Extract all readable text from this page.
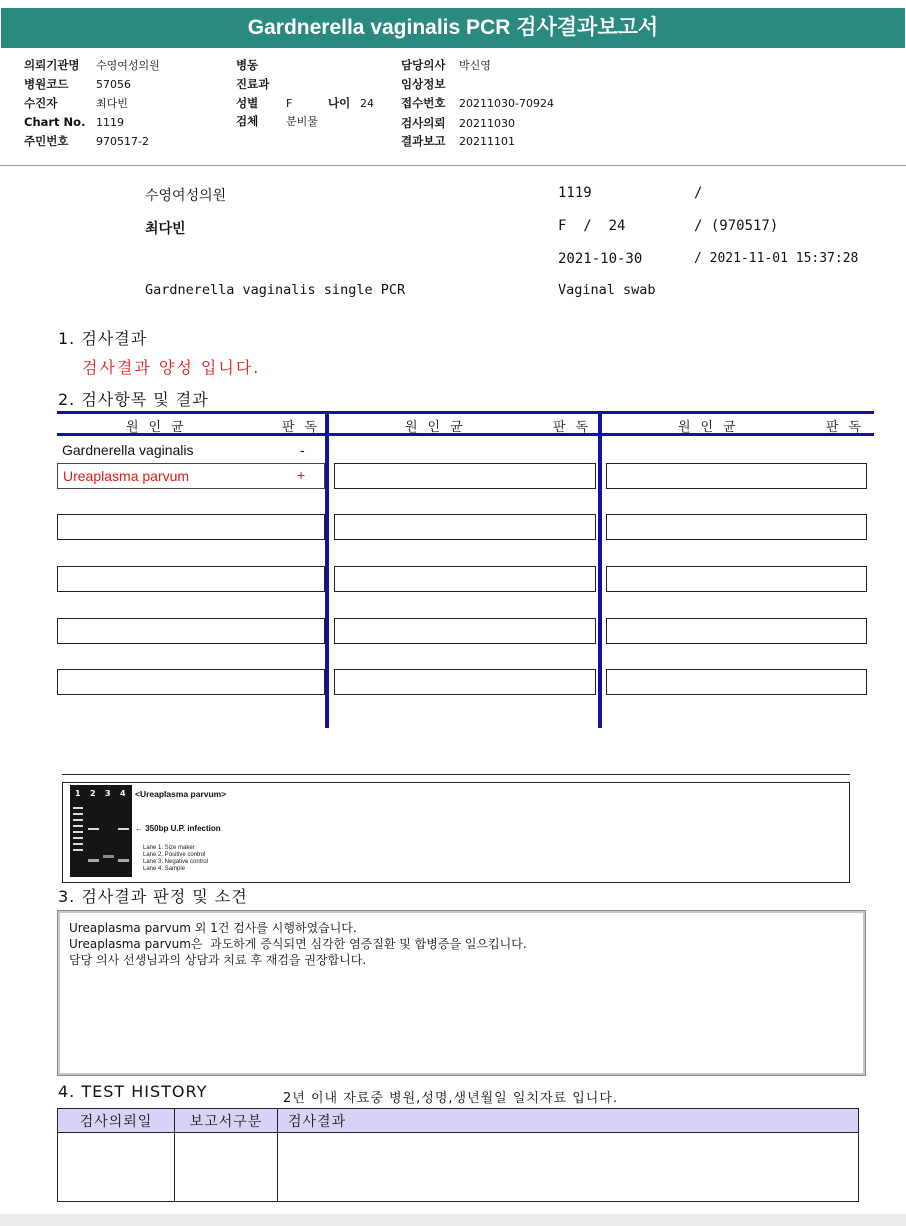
Gardnerella vaginalis PCR 검사결과보고서
의뢰기관명 수영여성의원
병원코드	57056
수진자	최다빈
Chart No. 1119
주민번호	970517-2
병동
진료과
성별	F	나이 24
검체	분비물
담당의사 박신영
임상정보
접수번호 20211030-70924
검사의뢰 20211030
결과보고 20211101
수영여성의원	1119	/
최다빈	F  /  24	/ (970517)
2021-10-30	/ 2021-11-01 15:37:28
Gardnerella vaginalis single PCR	Vaginal swab
1. 검사결과
검사결과 양성 입니다.
2. 검사항목 및 결과
원인균	판독	원인균	판독	원인균	판독
Gardnerella vaginalis	-
Ureaplasma parvum	+
1 2 3 4 <Ureaplasma parvum>
← 350bp U.P. infection
Lane 1. Size maker
Lane 2. Positive control
Lane 3. Negative control
Lane 4. Sample
3. 검사결과 판정 및 소견
Ureaplasma parvum 외 1건 검사를 시행하였습니다.
Ureaplasma parvum은  과도하게 증식되면 심각한 염증질환 및 합병증을 일으킵니다.
담당 의사 선생님과의 상담과 치료 후 재검을 권장합니다.
4. TEST HISTORY	2년 이내 자료중 병원,성명,생년월일 일치자료 입니다.
검사의뢰일	보고서구분	검사결과
